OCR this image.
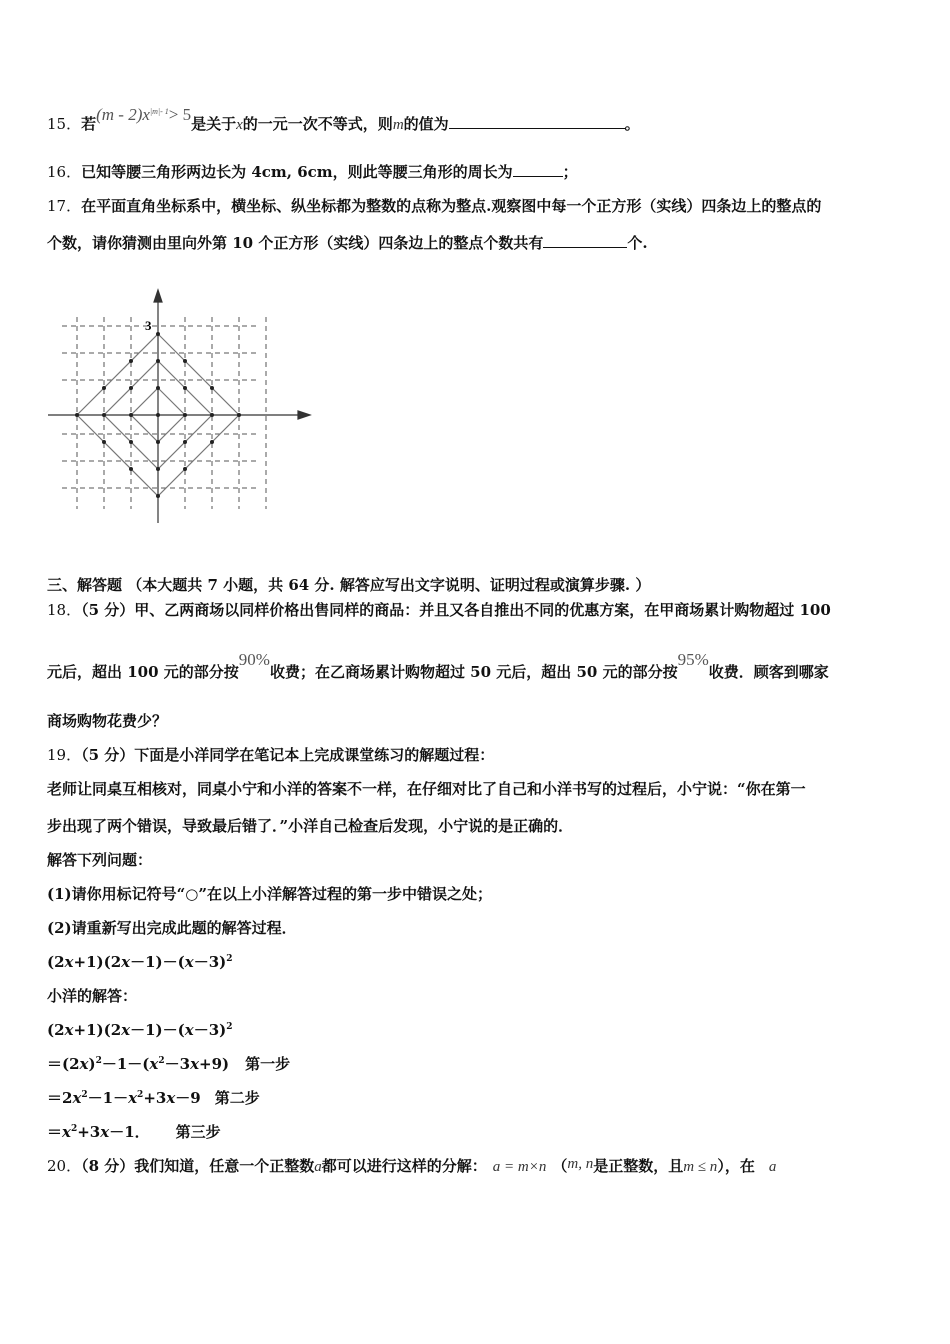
15．若$(m - 2)x^{|m|- 1}> 5$是关于x的一元一次不等式，则m的值为	。
16．已知等腰三角形两边长为 4cm, 6cm，则此等腰三角形的周长为	；
17．在平面直角坐标系中，横坐标、纵坐标都为整数的点称为整点.观察图中每一个正方形（实线）四条边上的整点的
个数，请你猜测由里向外第 10 个正方形（实线）四条边上的整点个数共有	个.
3
三、解答题 （本大题共 7 小题，共 64 分. 解答应写出文字说明、证明过程或演算步骤. ）
18．（5 分）甲、乙两商场以同样价格出售同样的商品：并且又各自推出不同的优惠方案，在甲商场累计购物超过 100
元后，超出 100 元的部分按90%收费；在乙商场累计购物超过 50 元后，超出 50 元的部分按95%收费．顾客到哪家
商场购物花费少？
19．（5 分）下面是小洋同学在笔记本上完成课堂练习的解题过程：
老师让同桌互相核对，同桌小宁和小洋的答案不一样，在仔细对比了自己和小洋书写的过程后，小宁说：“你在第一
步出现了两个错误，导致最后错了．”小洋自己检查后发现，小宁说的是正确的．
解答下列问题：
(1)请你用标记符号“○”在以上小洋解答过程的第一步中错误之处；
(2)请重新写出完成此题的解答过程．
$(2x+1)(2x-1)-(x-3)^2$
小洋的解答：
$(2x+1)(2x-1)-(x-3)^2$
$=(2x)^2-1-(x^2-3x+9)$ 第一步
$=2x^2-1-x^2+3x-9$ 第二步
$=x^2+3x-1$． 第三步
20．（8 分）我们知道，任意一个正整数a都可以进行这样的分解： a = m×n （m, n是正整数，且m ≤ n），在 a
